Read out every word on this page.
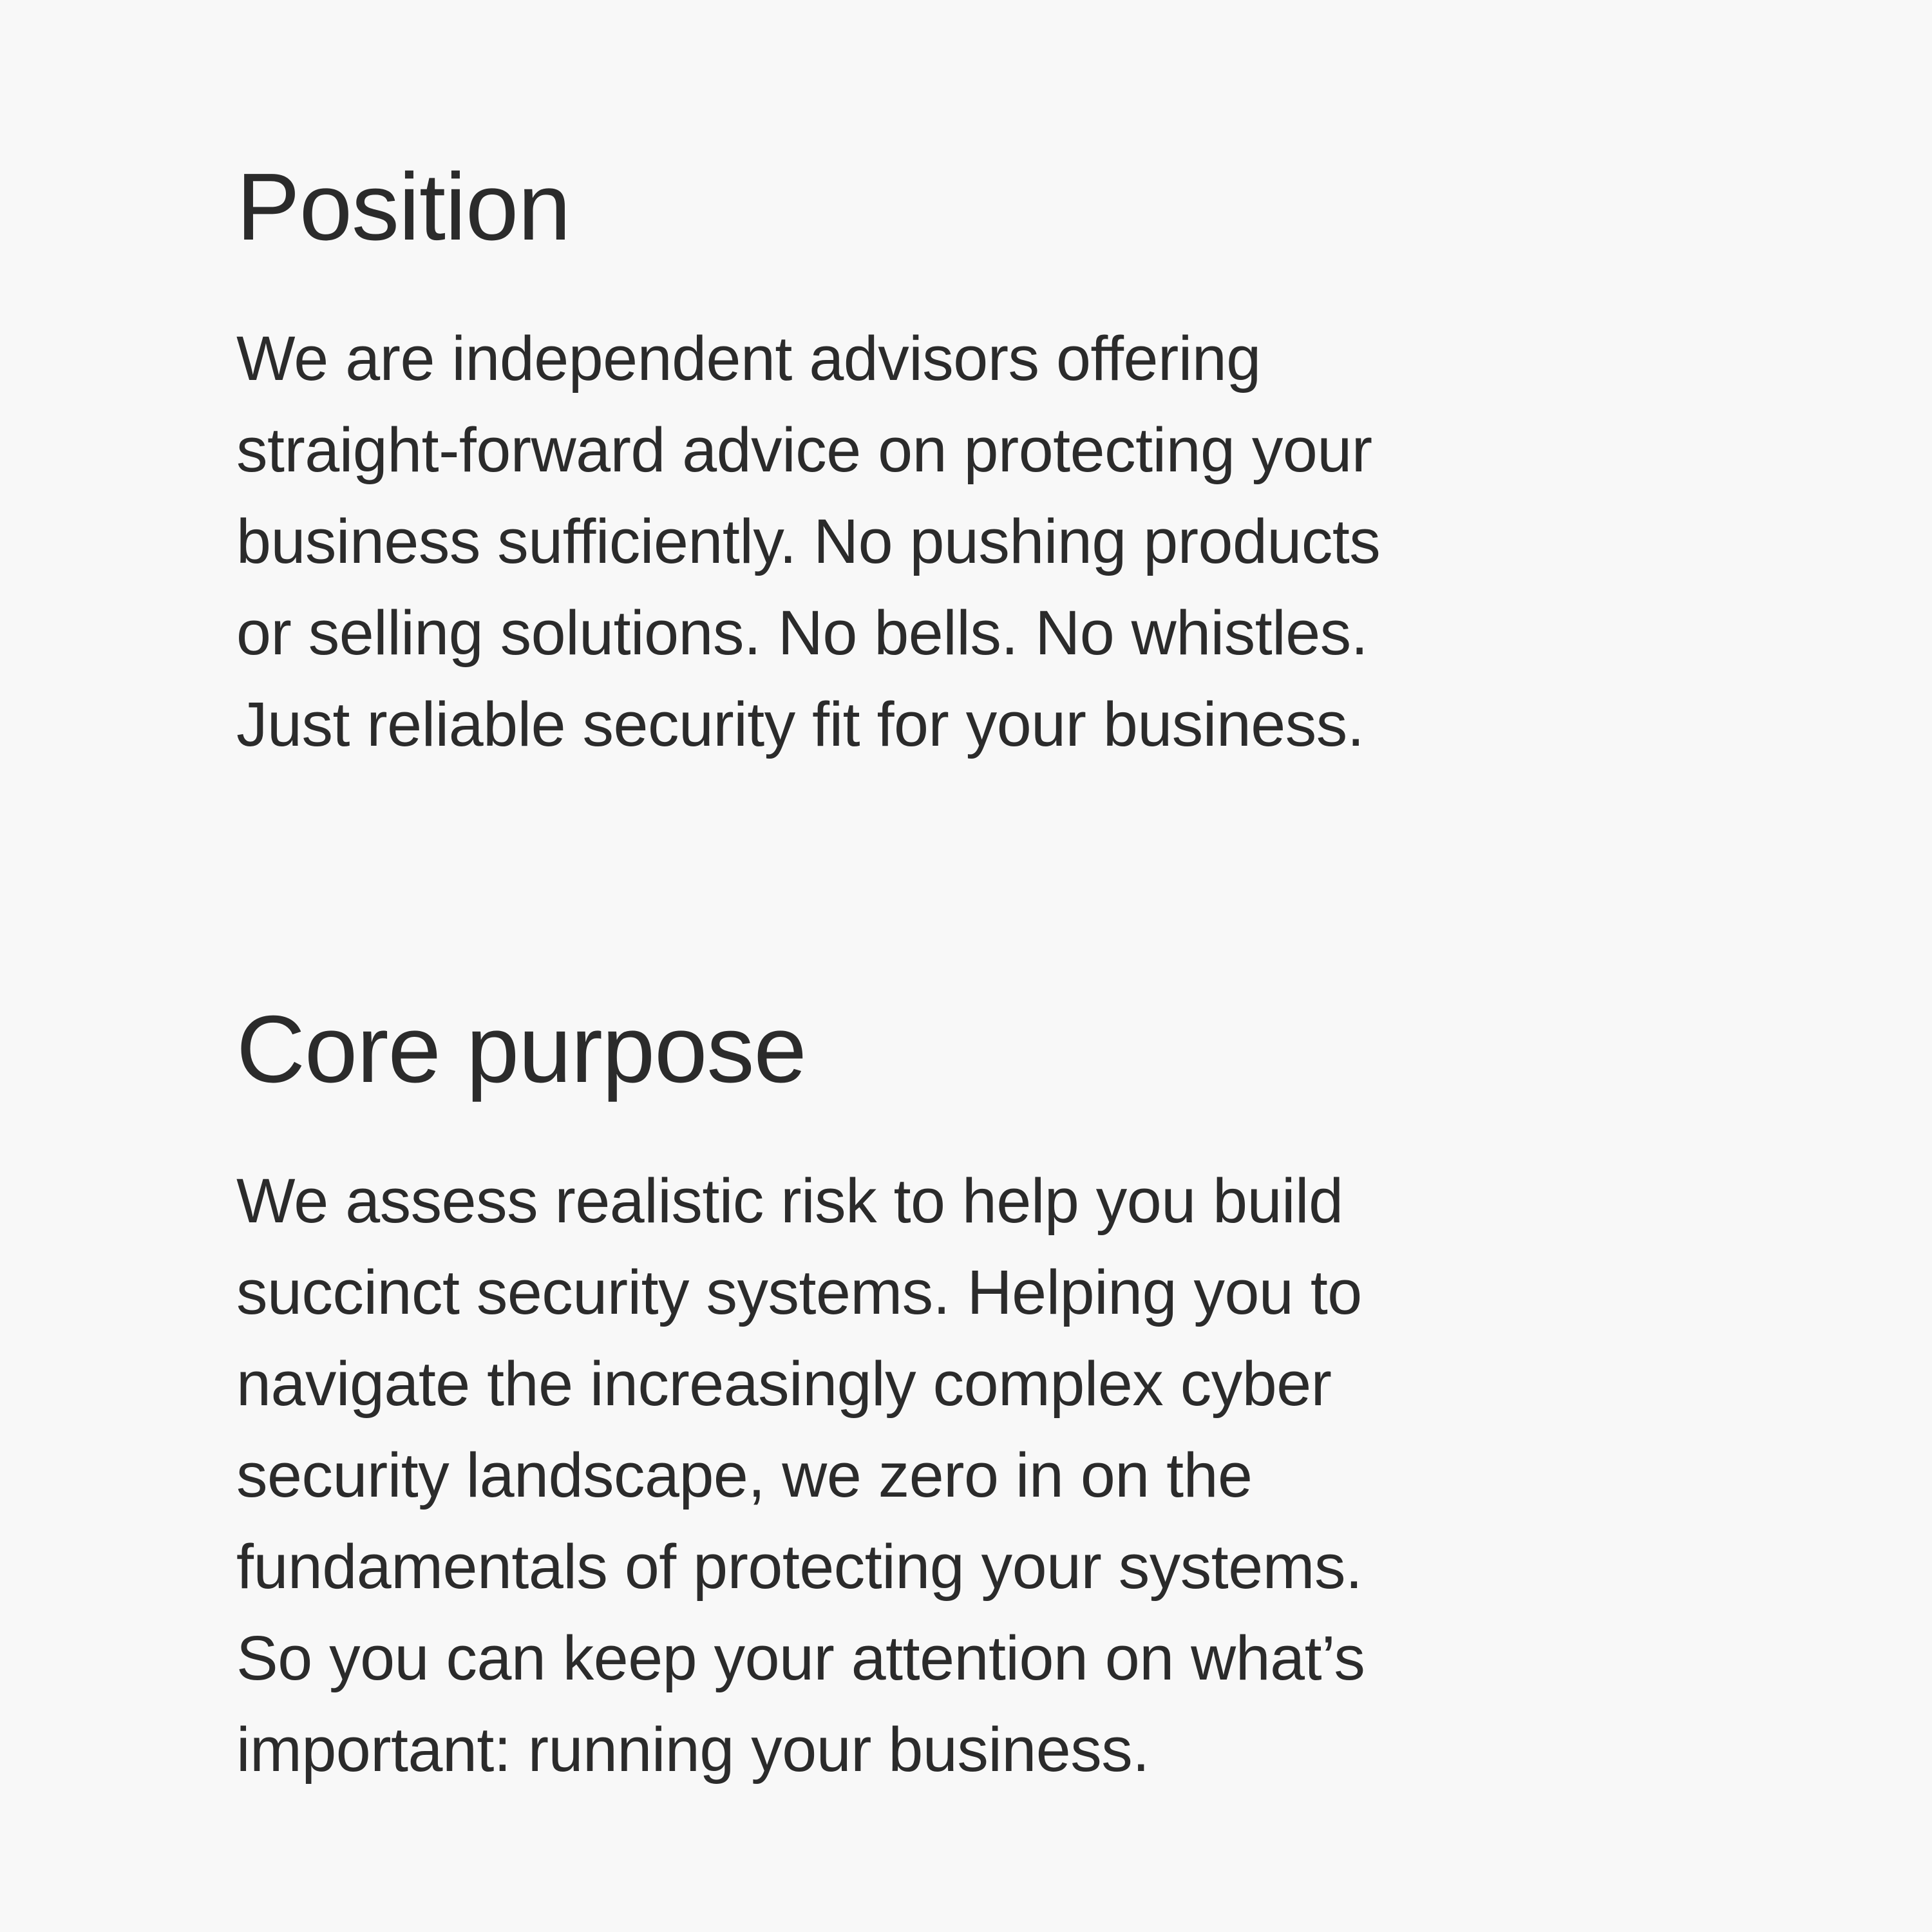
Position

We are independent advisors offering
straight-forward advice on protecting your
business sufficiently. No pushing products
or selling solutions. No bells. No whistles.
Just reliable security fit for your business.

Core purpose

We assess realistic risk to help you build
succinct security systems. Helping you to
navigate the increasingly complex cyber
security landscape, we zero in on the
fundamentals of protecting your systems.
So you can keep your attention on what’s
important: running your business.
